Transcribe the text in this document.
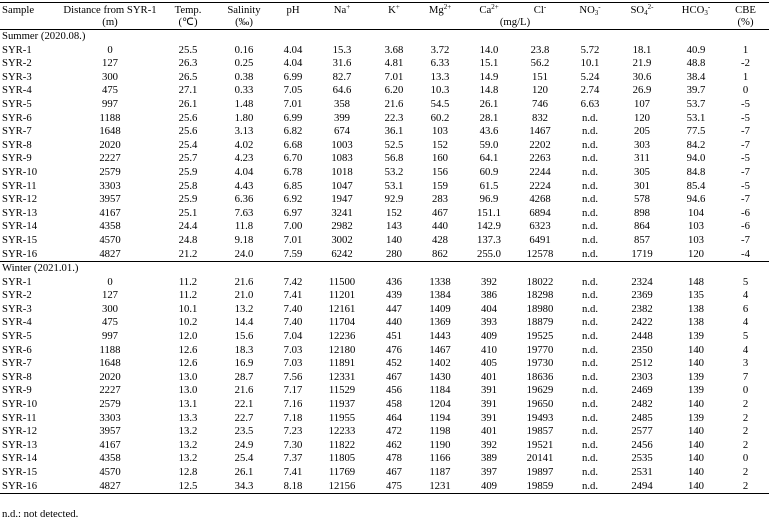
Sample	Distance from SYR-1	Temp.	Salinity	pH	Na+	K+	$Mg^{2+}$	$Ca^{2+}$	Cl-	$NO_3^-$	$SO_4^{2-}$	$HCO_3^-$	CBE
	(m)	(℃)	(‰)					(mg/L)					(%)
Summer (2020.08.)													
SYR-1	0	25.5	0.16	4.04	15.3	3.68	3.72	14.0	23.8	5.72	18.1	40.9	1
SYR-2	127	26.3	0.25	4.04	31.6	4.81	6.33	15.1	56.2	10.1	21.9	48.8	-2
SYR-3	300	26.5	0.38	6.99	82.7	7.01	13.3	14.9	151	5.24	30.6	38.4	1
SYR-4	475	27.1	0.33	7.05	64.6	6.20	10.3	14.8	120	2.74	26.9	39.7	0
SYR-5	997	26.1	1.48	7.01	358	21.6	54.5	26.1	746	6.63	107	53.7	-5
SYR-6	1188	25.6	1.80	6.99	399	22.3	60.2	28.1	832	n.d.	120	53.1	-5
SYR-7	1648	25.6	3.13	6.82	674	36.1	103	43.6	1467	n.d.	205	77.5	-7
SYR-8	2020	25.4	4.02	6.68	1003	52.5	152	59.0	2202	n.d.	303	84.2	-7
SYR-9	2227	25.7	4.23	6.70	1083	56.8	160	64.1	2263	n.d.	311	94.0	-5
SYR-10	2579	25.9	4.04	6.78	1018	53.2	156	60.9	2244	n.d.	305	84.8	-7
SYR-11	3303	25.8	4.43	6.85	1047	53.1	159	61.5	2224	n.d.	301	85.4	-5
SYR-12	3957	25.9	6.36	6.92	1947	92.9	283	96.9	4268	n.d.	578	94.6	-7
SYR-13	4167	25.1	7.63	6.97	3241	152	467	151.1	6894	n.d.	898	104	-6
SYR-14	4358	24.4	11.8	7.00	2982	143	440	142.9	6323	n.d.	864	103	-6
SYR-15	4570	24.8	9.18	7.01	3002	140	428	137.3	6491	n.d.	857	103	-7
SYR-16	4827	21.2	24.0	7.59	6242	280	862	255.0	12578	n.d.	1719	120	-4
Winter (2021.01.)													
SYR-1	0	11.2	21.6	7.42	11500	436	1338	392	18022	n.d.	2324	148	5
SYR-2	127	11.2	21.0	7.41	11201	439	1384	386	18298	n.d.	2369	135	4
SYR-3	300	10.1	13.2	7.40	12161	447	1409	404	18980	n.d.	2382	138	6
SYR-4	475	10.2	14.4	7.40	11704	440	1369	393	18879	n.d.	2422	138	4
SYR-5	997	12.0	15.6	7.04	12236	451	1443	409	19525	n.d.	2448	139	5
SYR-6	1188	12.6	18.3	7.03	12180	476	1467	410	19770	n.d.	2350	140	4
SYR-7	1648	12.6	16.9	7.03	11891	452	1402	405	19730	n.d.	2512	140	3
SYR-8	2020	13.0	28.7	7.56	12331	467	1430	401	18636	n.d.	2303	139	7
SYR-9	2227	13.0	21.6	7.17	11529	456	1184	391	19629	n.d.	2469	139	0
SYR-10	2579	13.1	22.1	7.16	11937	458	1204	391	19650	n.d.	2482	140	2
SYR-11	3303	13.3	22.7	7.18	11955	464	1194	391	19493	n.d.	2485	139	2
SYR-12	3957	13.2	23.5	7.23	12233	472	1198	401	19857	n.d.	2577	140	2
SYR-13	4167	13.2	24.9	7.30	11822	462	1190	392	19521	n.d.	2456	140	2
SYR-14	4358	13.2	25.4	7.37	11805	478	1166	389	20141	n.d.	2535	140	0
SYR-15	4570	12.8	26.1	7.41	11769	467	1187	397	19897	n.d.	2531	140	2
SYR-16	4827	12.5	34.3	8.18	12156	475	1231	409	19859	n.d.	2494	140	2
n.d.: not detected.
